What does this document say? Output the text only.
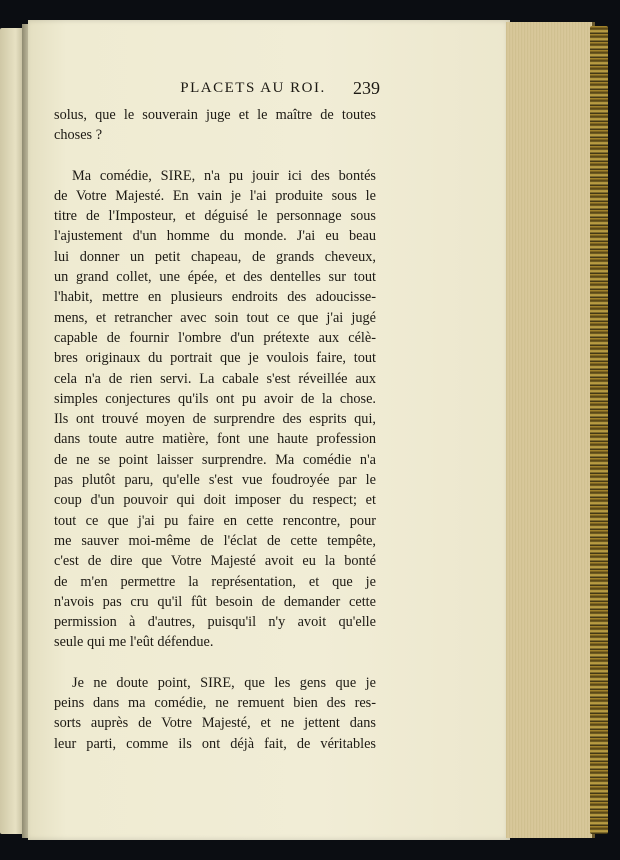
PLACETS AU ROI.	239
solus, que le souverain juge et le maître de toutes
choses ?
Ma comédie, SIRE, n'a pu jouir ici des bontés
de Votre Majesté. En vain je l'ai produite sous le
titre de l'Imposteur, et déguisé le personnage sous
l'ajustement d'un homme du monde. J'ai eu beau
lui donner un petit chapeau, de grands cheveux,
un grand collet, une épée, et des dentelles sur tout
l'habit, mettre en plusieurs endroits des adoucisse-
mens, et retrancher avec soin tout ce que j'ai jugé
capable de fournir l'ombre d'un prétexte aux célè-
bres originaux du portrait que je voulois faire, tout
cela n'a de rien servi. La cabale s'est réveillée aux
simples conjectures qu'ils ont pu avoir de la chose.
Ils ont trouvé moyen de surprendre des esprits qui,
dans toute autre matière, font une haute profession
de ne se point laisser surprendre. Ma comédie n'a
pas plutôt paru, qu'elle s'est vue foudroyée par le
coup d'un pouvoir qui doit imposer du respect; et
tout ce que j'ai pu faire en cette rencontre, pour
me sauver moi-même de l'éclat de cette tempête,
c'est de dire que Votre Majesté avoit eu la bonté
de m'en permettre la représentation, et que je
n'avois pas cru qu'il fût besoin de demander cette
permission à d'autres, puisqu'il n'y avoit qu'elle
seule qui me l'eût défendue.
Je ne doute point, SIRE, que les gens que je
peins dans ma comédie, ne remuent bien des res-
sorts auprès de Votre Majesté, et ne jettent dans
leur parti, comme ils ont déjà fait, de véritables
